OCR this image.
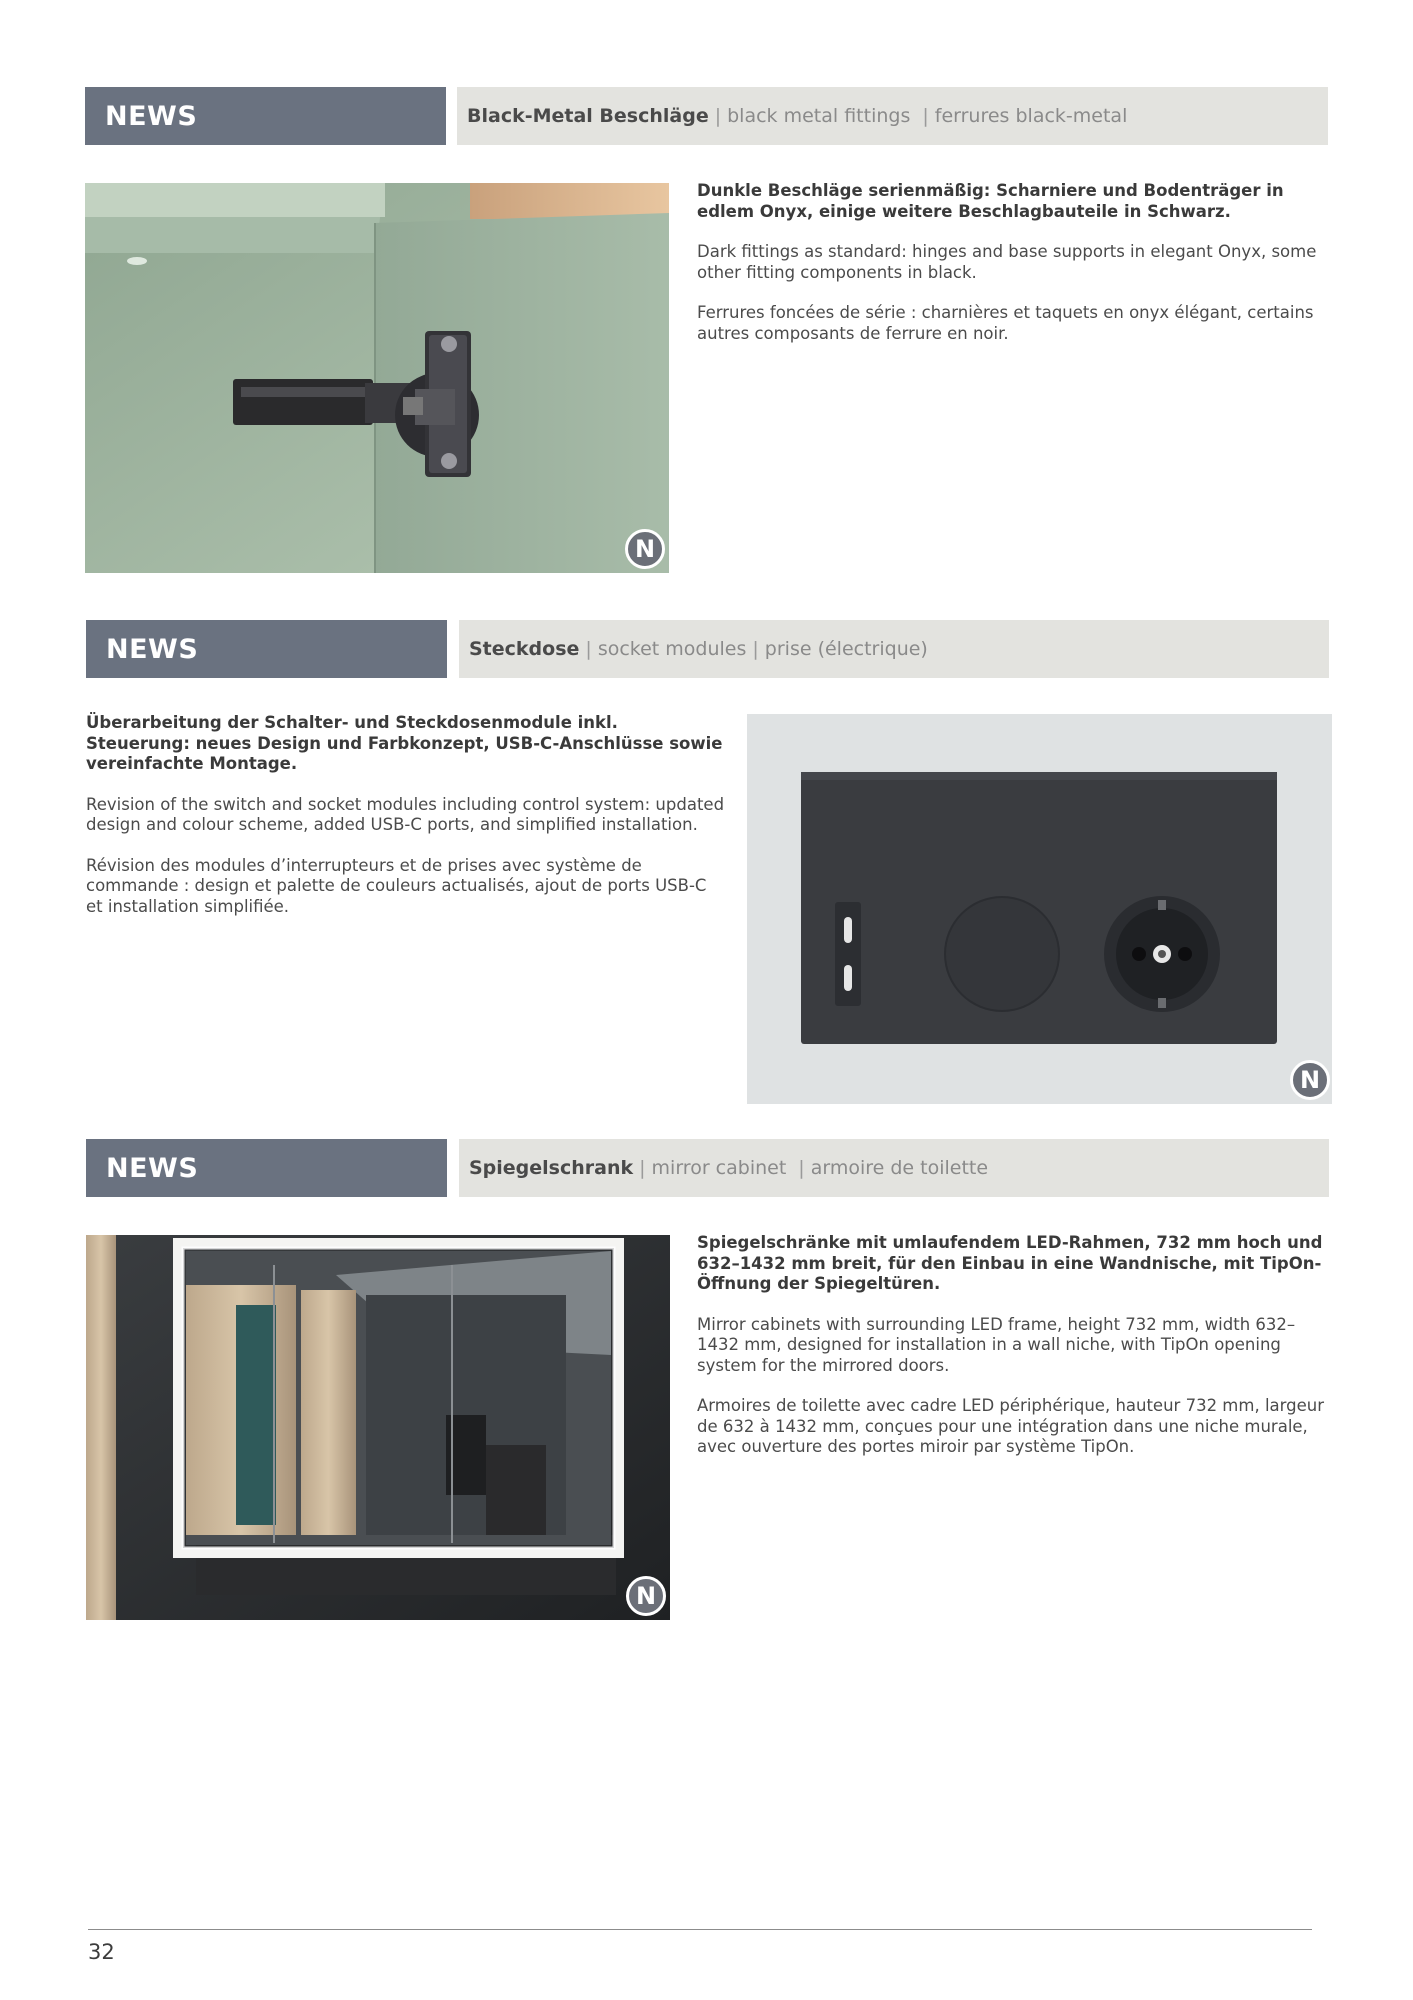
NEWS	Black-Metal Beschläge | black metal fittings | ferrures black-metal
N

Dunkle Beschläge serienmäßig: Scharniere und Bodenträger in edlem Onyx, einige weitere Beschlagbauteile in Schwarz.

Dark fittings as standard: hinges and base supports in elegant Onyx, some other fitting components in black.

Ferrures foncées de série : charnières et taquets en onyx élégant, certains autres composants de ferrure en noir.

NEWS	Steckdose | socket modules | prise (électrique)

Überarbeitung der Schalter- und Steckdosenmodule inkl. Steuerung: neues Design und Farbkonzept, USB-C-Anschlüsse sowie vereinfachte Montage.

Revision of the switch and socket modules including control system: updated design and colour scheme, added USB-C ports, and simplified installation.

Révision des modules d’interrupteurs et de prises avec système de commande : design et palette de couleurs actualisés, ajout de ports USB-C et installation simplifiée.

N
NEWS	Spiegelschrank | mirror cabinet | armoire de toilette
N

Spiegelschränke mit umlaufendem LED-Rahmen, 732 mm hoch und 632–1432 mm breit, für den Einbau in eine Wandnische, mit TipOn-Öffnung der Spiegeltüren.

Mirror cabinets with surrounding LED frame, height 732 mm, width 632–1432 mm, designed for installation in a wall niche, with TipOn opening system for the mirrored doors.

Armoires de toilette avec cadre LED périphérique, hauteur 732 mm, largeur de 632 à 1432 mm, conçues pour une intégration dans une niche murale, avec ouverture des portes miroir par système TipOn.

32
